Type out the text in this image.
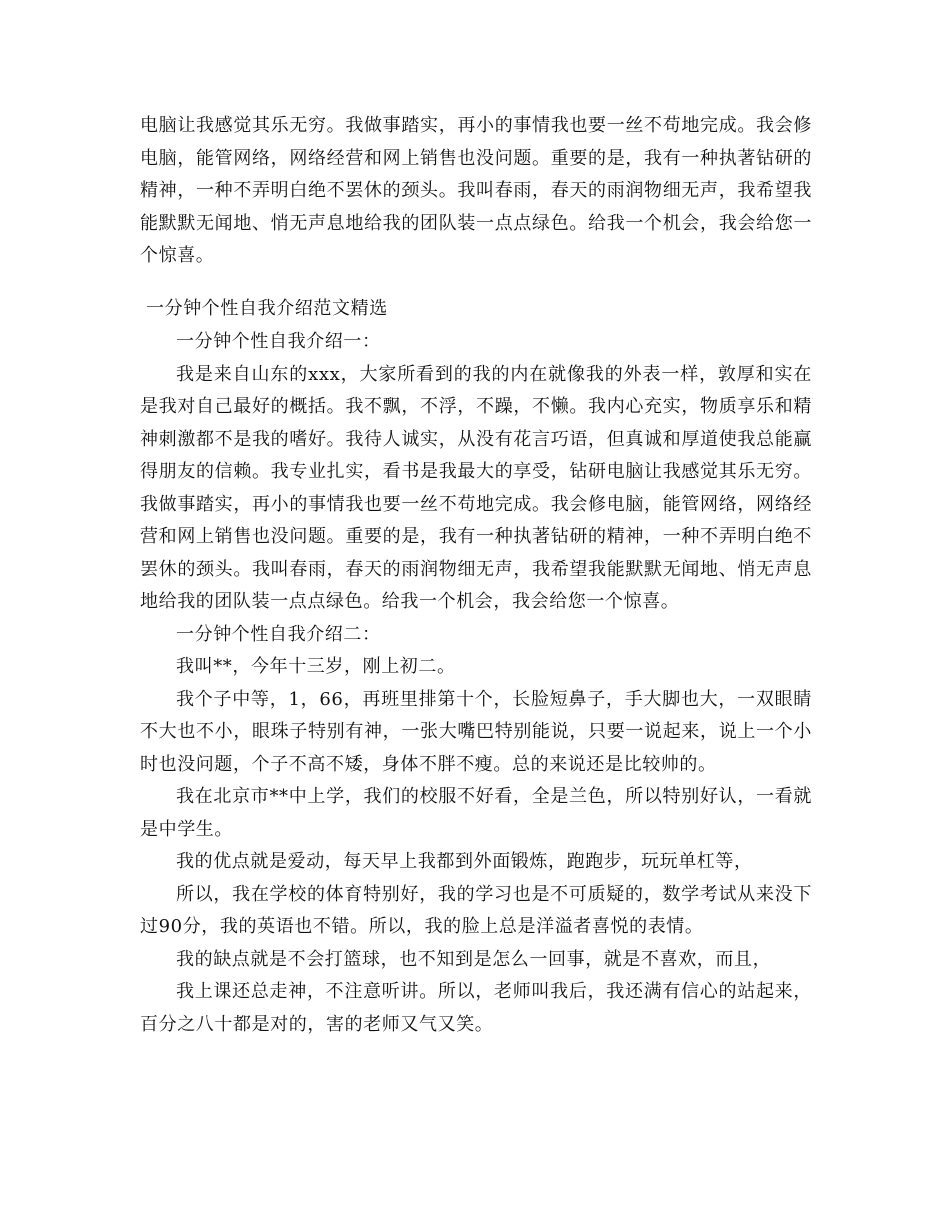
电脑让我感觉其乐无穷。我做事踏实，再小的事情我也要一丝不苟地完成。我会修电脑，能管网络，网络经营和网上销售也没问题。重要的是，我有一种执著钻研的精神，一种不弄明白绝不罢休的颈头。我叫春雨，春天的雨润物细无声，我希望我能默默无闻地、悄无声息地给我的团队装一点点绿色。给我一个机会，我会给您一个惊喜。

一分钟个性自我介绍范文精选

一分钟个性自我介绍一：

我是来自山东的xxx，大家所看到的我的内在就像我的外表一样，敦厚和实在是我对自己最好的概括。我不飘，不浮，不躁，不懒。我内心充实，物质享乐和精神刺激都不是我的嗜好。我待人诚实，从没有花言巧语，但真诚和厚道使我总能赢得朋友的信赖。我专业扎实，看书是我最大的享受，钻研电脑让我感觉其乐无穷。我做事踏实，再小的事情我也要一丝不苟地完成。我会修电脑，能管网络，网络经营和网上销售也没问题。重要的是，我有一种执著钻研的精神，一种不弄明白绝不罢休的颈头。我叫春雨，春天的雨润物细无声，我希望我能默默无闻地、悄无声息地给我的团队装一点点绿色。给我一个机会，我会给您一个惊喜。

一分钟个性自我介绍二：

我叫**，今年十三岁，刚上初二。

我个子中等，1，66，再班里排第十个，长脸短鼻子，手大脚也大，一双眼睛不大也不小，眼珠子特别有神，一张大嘴巴特别能说，只要一说起来，说上一个小时也没问题，个子不高不矮，身体不胖不瘦。总的来说还是比较帅的。

我在北京市**中上学，我们的校服不好看，全是兰色，所以特别好认，一看就是中学生。

我的优点就是爱动，每天早上我都到外面锻炼，跑跑步，玩玩单杠等，

所以，我在学校的体育特别好，我的学习也是不可质疑的，数学考试从来没下过90分，我的英语也不错。所以，我的脸上总是洋溢者喜悦的表情。

我的缺点就是不会打篮球，也不知到是怎么一回事，就是不喜欢，而且，

我上课还总走神，不注意听讲。所以，老师叫我后，我还满有信心的站起来，百分之八十都是对的，害的老师又气又笑。
